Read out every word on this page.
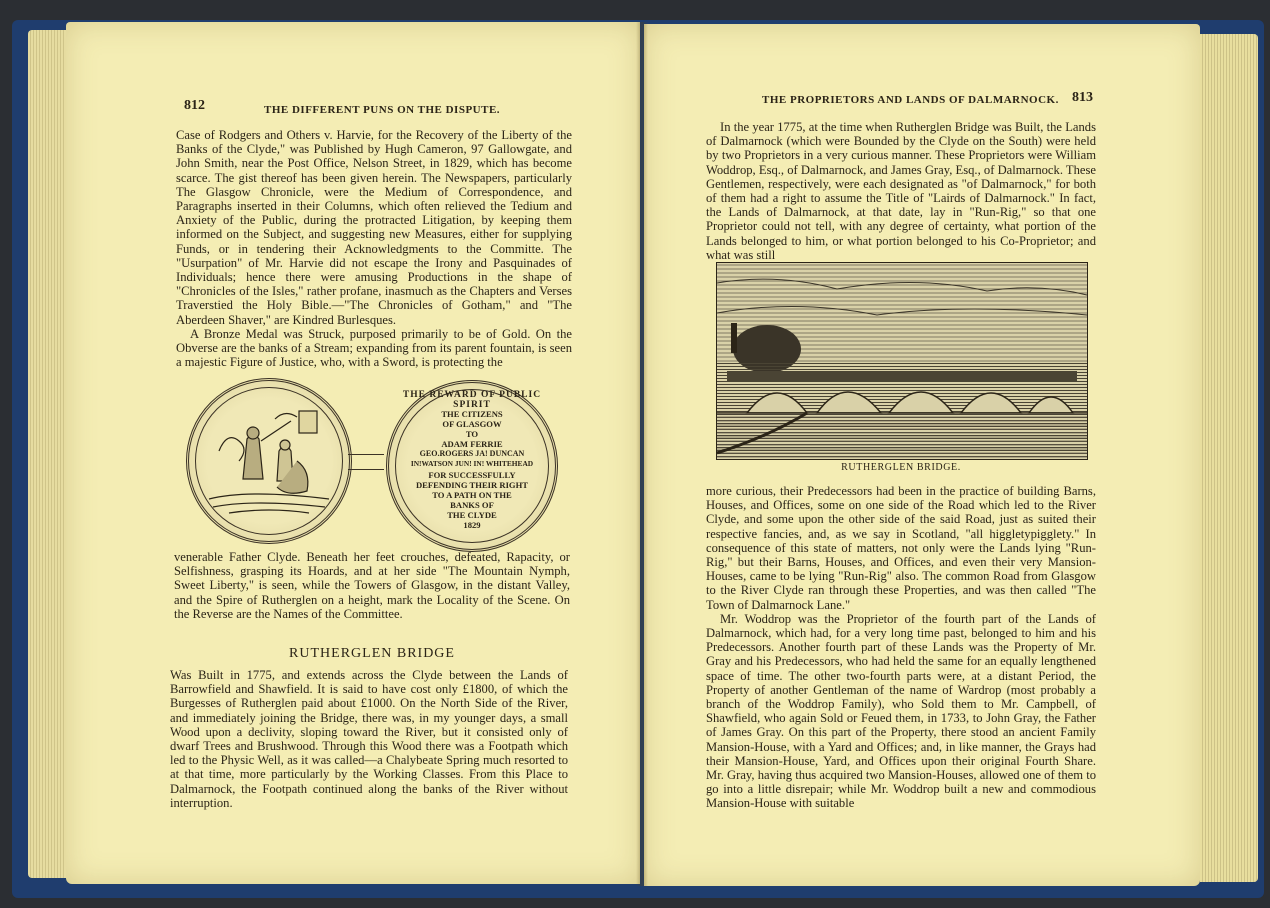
812	THE DIFFERENT PUNS ON THE DISPUTE.

Case of Rodgers and Others v. Harvie, for the Recovery of the Liberty of the Banks of the Clyde," was Published by Hugh Cameron, 97 Gallowgate, and John Smith, near the Post Office, Nelson Street, in 1829, which has become scarce. The gist thereof has been given herein. The Newspapers, particularly The Glasgow Chronicle, were the Medium of Correspondence, and Paragraphs inserted in their Columns, which often relieved the Tedium and Anxiety of the Public, during the protracted Litigation, by keeping them informed on the Subject, and suggesting new Measures, either for supplying Funds, or in tendering their Acknowledgments to the Committe. The "Usurpation" of Mr. Harvie did not escape the Irony and Pasquinades of Individuals; hence there were amusing Productions in the shape of "Chronicles of the Isles," rather profane, inasmuch as the Chapters and Verses Traverstied the Holy Bible.—"The Chronicles of Gotham," and "The Aberdeen Shaver," are Kindred Burlesques.

A Bronze Medal was Struck, purposed primarily to be of Gold. On the Obverse are the banks of a Stream; expanding from its parent fountain, is seen a majestic Figure of Justice, who, with a Sword, is protecting the

THE REWARD OF PUBLIC SPIRIT
THE CITIZENS
OF GLASGOW
TO
ADAM FERRIE
GEO.ROGERS JA! DUNCAN
IN!WATSON JUN! IN! WHITEHEAD
FOR SUCCESSFULLY
DEFENDING THEIR RIGHT
TO A PATH ON THE
BANKS OF
THE CLYDE
1829

venerable Father Clyde. Beneath her feet crouches, defeated, Rapacity, or Selfishness, grasping its Hoards, and at her side "The Mountain Nymph, Sweet Liberty," is seen, while the Towers of Glasgow, in the distant Valley, and the Spire of Rutherglen on a height, mark the Locality of the Scene. On the Reverse are the Names of the Committee.

RUTHERGLEN BRIDGE

Was Built in 1775, and extends across the Clyde between the Lands of Barrowfield and Shawfield. It is said to have cost only £1800, of which the Burgesses of Rutherglen paid about £1000. On the North Side of the River, and immediately joining the Bridge, there was, in my younger days, a small Wood upon a declivity, sloping toward the River, but it consisted only of dwarf Trees and Brushwood. Through this Wood there was a Footpath which led to the Physic Well, as it was called—a Chalybeate Spring much resorted to at that time, more particularly by the Working Classes. From this Place to Dalmarnock, the Footpath continued along the banks of the River without interruption.

THE PROPRIETORS AND LANDS OF DALMARNOCK. 813

In the year 1775, at the time when Rutherglen Bridge was Built, the Lands of Dalmarnock (which were Bounded by the Clyde on the South) were held by two Proprietors in a very curious manner. These Proprietors were William Woddrop, Esq., of Dalmarnock, and James Gray, Esq., of Dalmarnock. These Gentlemen, respectively, were each designated as "of Dalmarnock," for both of them had a right to assume the Title of "Lairds of Dalmarnock." In fact, the Lands of Dalmarnock, at that date, lay in "Run-Rig," so that one Proprietor could not tell, with any degree of certainty, what portion of the Lands belonged to him, or what portion belonged to his Co-Proprietor; and what was still

RUTHERGLEN BRIDGE.

more curious, their Predecessors had been in the practice of building Barns, Houses, and Offices, some on one side of the Road which led to the River Clyde, and some upon the other side of the said Road, just as suited their respective fancies, and, as we say in Scotland, "all higgletypigglety." In consequence of this state of matters, not only were the Lands lying "Run-Rig," but their Barns, Houses, and Offices, and even their very Mansion-Houses, came to be lying "Run-Rig" also. The common Road from Glasgow to the River Clyde ran through these Properties, and was then called "The Town of Dalmarnock Lane."

Mr. Woddrop was the Proprietor of the fourth part of the Lands of Dalmarnock, which had, for a very long time past, belonged to him and his Predecessors. Another fourth part of these Lands was the Property of Mr. Gray and his Predecessors, who had held the same for an equally lengthened space of time. The other two-fourth parts were, at a distant Period, the Property of another Gentleman of the name of Wardrop (most probably a branch of the Woddrop Family), who Sold them to Mr. Campbell, of Shawfield, who again Sold or Feued them, in 1733, to John Gray, the Father of James Gray. On this part of the Property, there stood an ancient Family Mansion-House, with a Yard and Offices; and, in like manner, the Grays had their Mansion-House, Yard, and Offices upon their original Fourth Share. Mr. Gray, having thus acquired two Mansion-Houses, allowed one of them to go into a little disrepair; while Mr. Woddrop built a new and commodious Mansion-House with suitable
